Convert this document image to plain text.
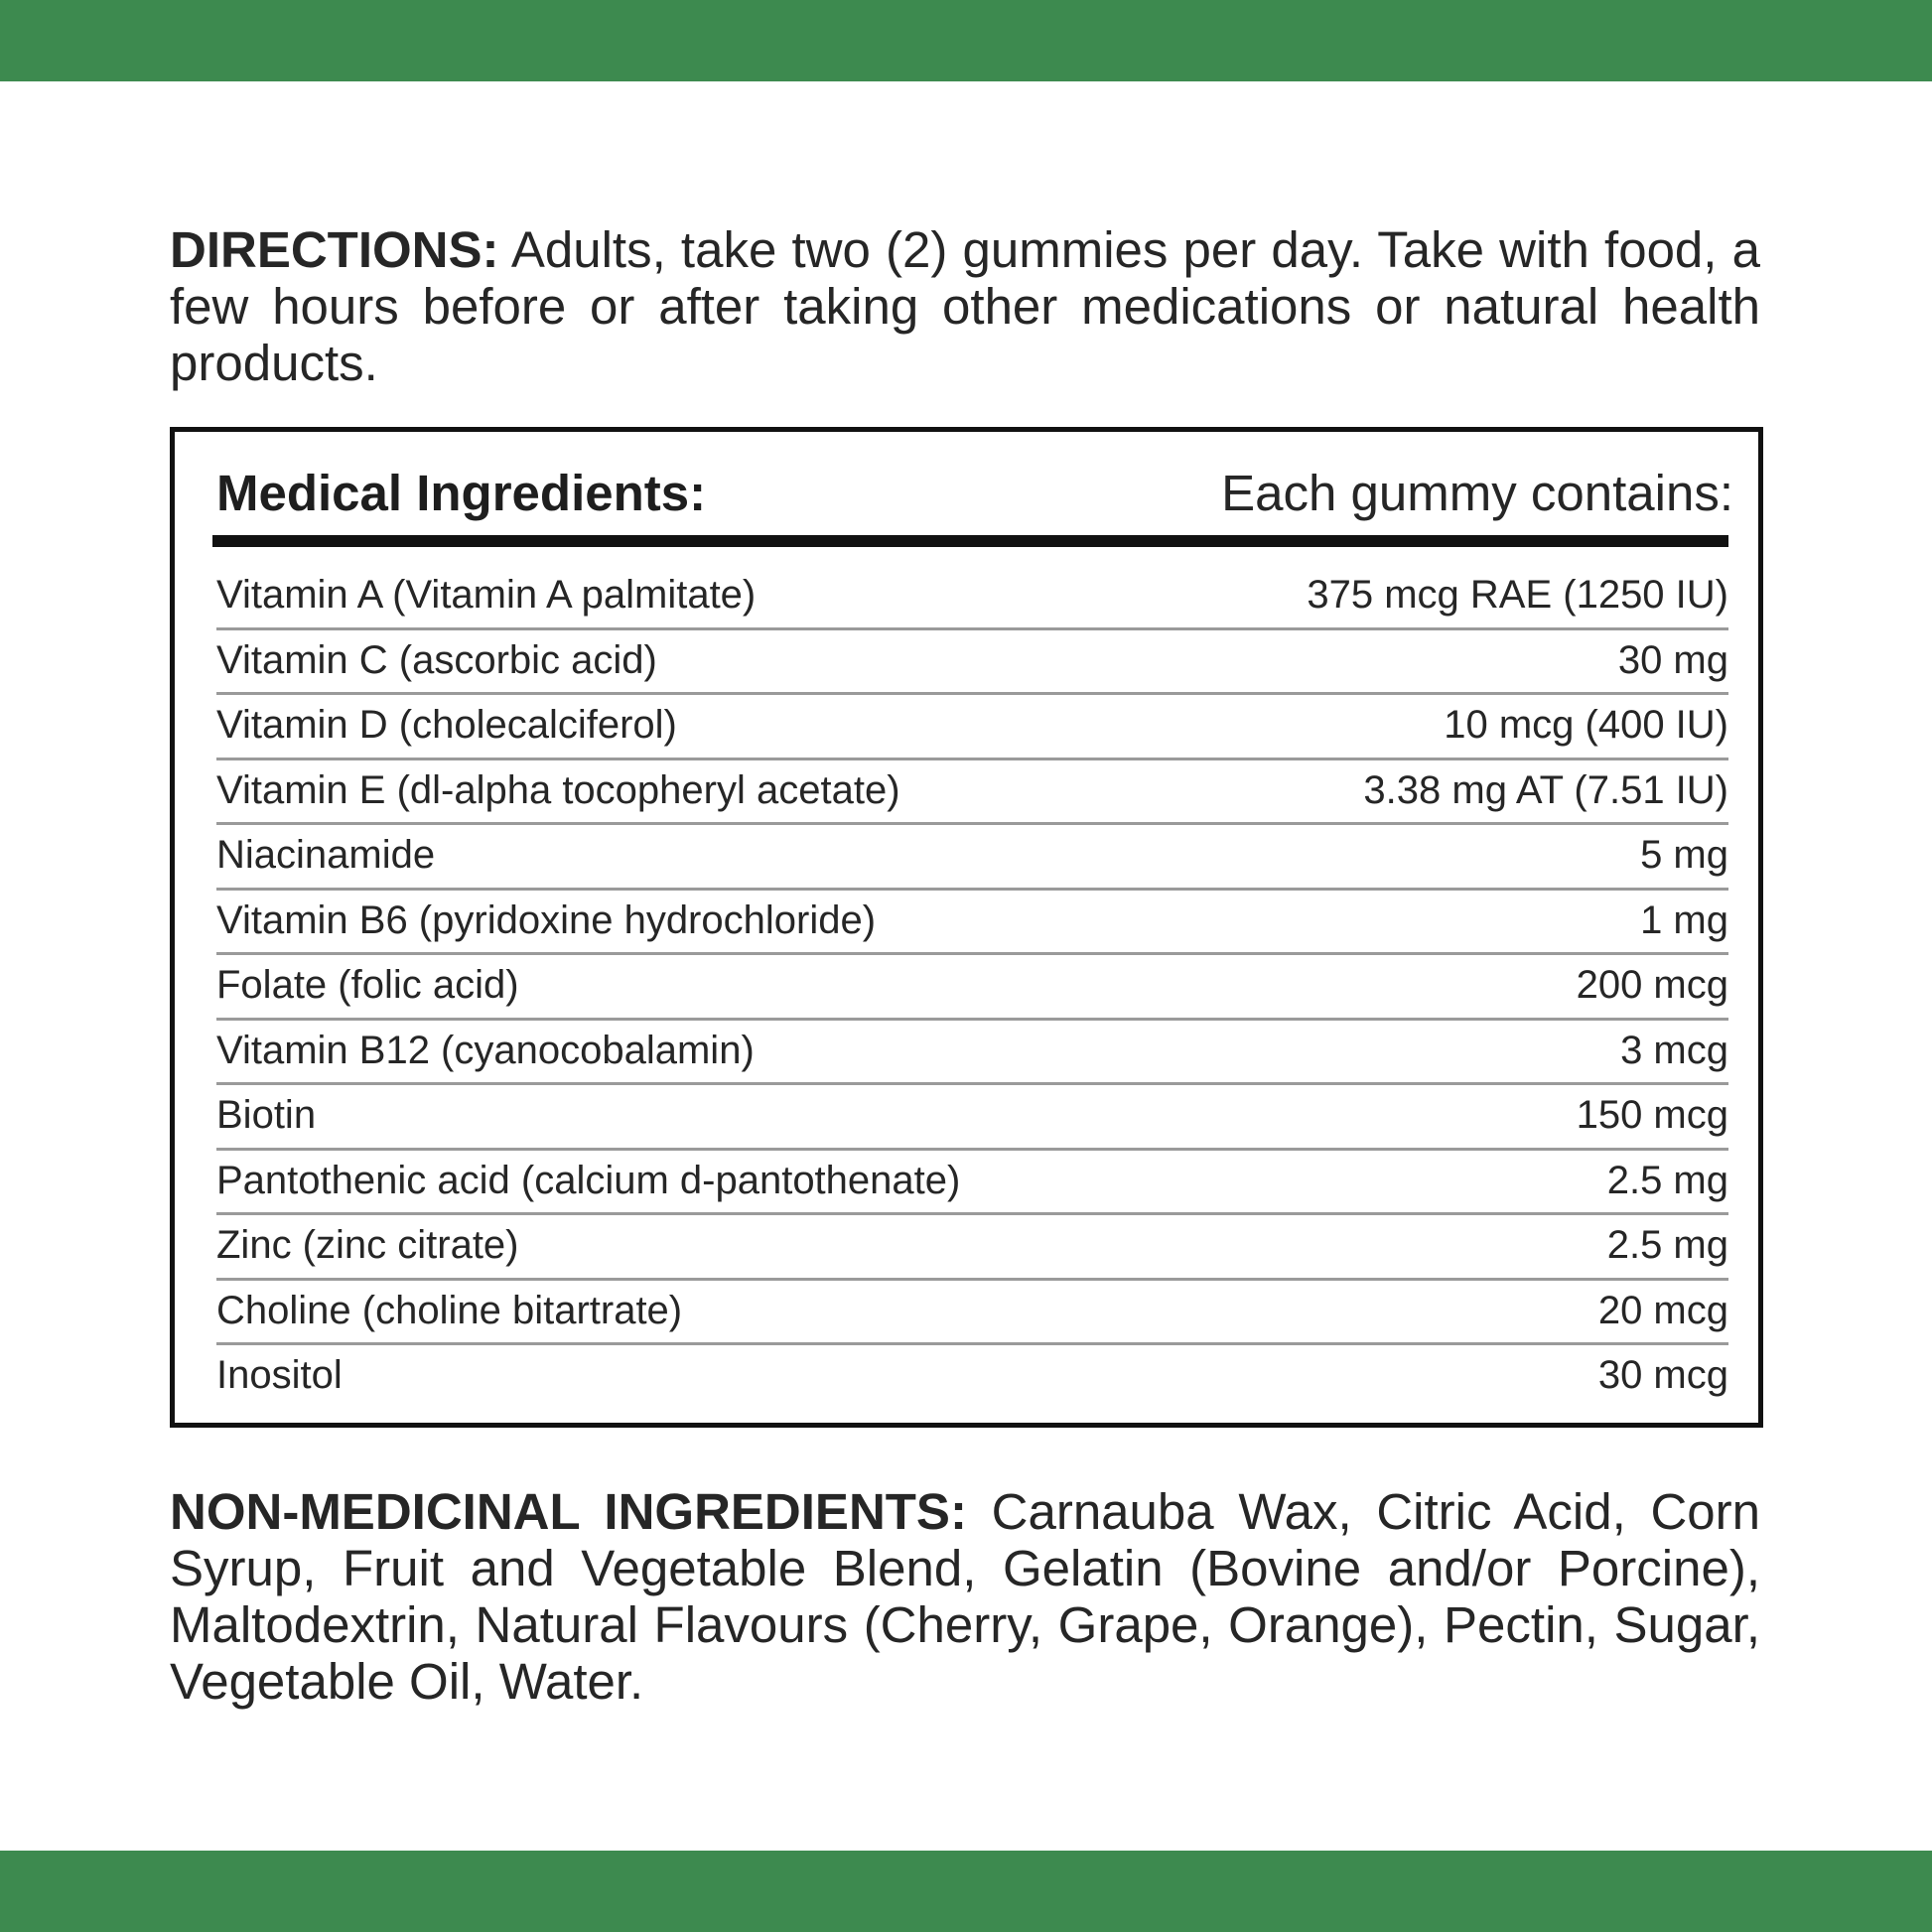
DIRECTIONS: Adults, take two (2) gummies per day. Take with food, a few hours before or after taking other medications or natural health products.

Medical Ingredients:	Each gummy contains:
Vitamin A (Vitamin A palmitate)	375 mcg RAE (1250 IU)
Vitamin C (ascorbic acid)	30 mg
Vitamin D (cholecalciferol)	10 mcg (400 IU)
Vitamin E (dl-alpha tocopheryl acetate)	3.38 mg AT (7.51 IU)
Niacinamide	5 mg
Vitamin B6 (pyridoxine hydrochloride)	1 mg
Folate (folic acid)	200 mcg
Vitamin B12 (cyanocobalamin)	3 mcg
Biotin	150 mcg
Pantothenic acid (calcium d-pantothenate)	2.5 mg
Zinc (zinc citrate)	2.5 mg
Choline (choline bitartrate)	20 mcg
Inositol	30 mcg

NON-MEDICINAL INGREDIENTS: Carnauba Wax, Citric Acid, Corn Syrup, Fruit and Vegetable Blend, Gelatin (Bovine and/or Porcine), Maltodextrin, Natural Flavours (Cherry, Grape, Orange), Pectin, Sugar, Vegetable Oil, Water.
